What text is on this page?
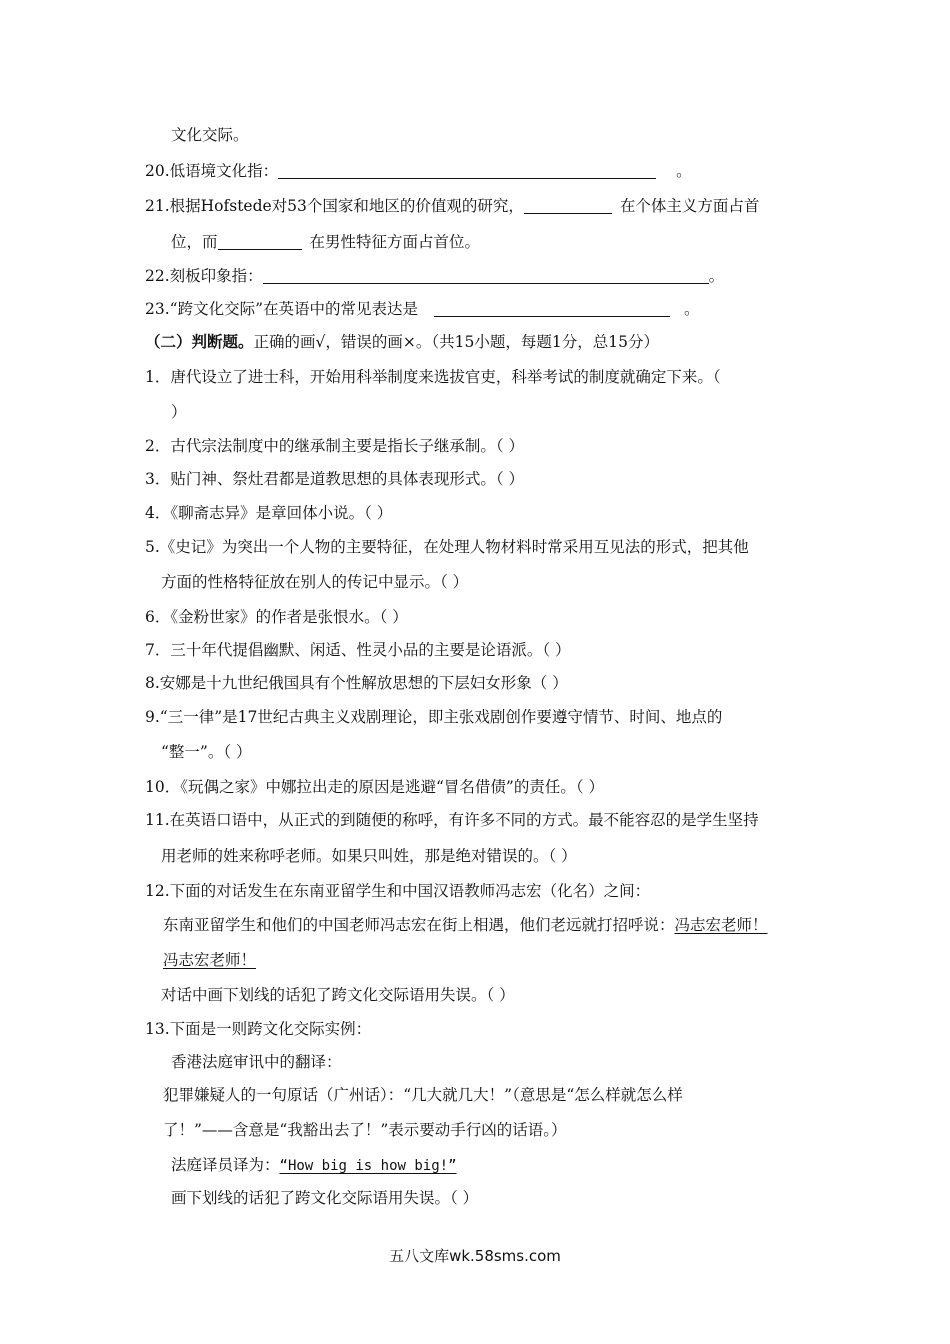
文化交际。
20.低语境文化指：	。
21.根据Hofstede对53个国家和地区的价值观的研究，	在个体主义方面占首
位，而	在男性特征方面占首位。
22.刻板印象指：	。
23.“跨文化交际”在英语中的常见表达是	。
（二）判断题。正确的画√，错误的画×。（共15小题，每题1分，总15分）
1．唐代设立了进士科，开始用科举制度来选拔官吏，科举考试的制度就确定下来。（
）
2．古代宗法制度中的继承制主要是指长子继承制。（ ）
3．贴门神、祭灶君都是道教思想的具体表现形式。（ ）
4．《聊斋志异》是章回体小说。（ ）
5.《史记》为突出一个人物的主要特征，在处理人物材料时常采用互见法的形式，把其他
方面的性格特征放在别人的传记中显示。（ ）
6．《金粉世家》的作者是张恨水。（ ）
7．三十年代提倡幽默、闲适、性灵小品的主要是论语派。（ ）
8.安娜是十九世纪俄国具有个性解放思想的下层妇女形象（ ）
9.“三一律”是17世纪古典主义戏剧理论，即主张戏剧创作要遵守情节、时间、地点的
“整一”。（ ）
10．《玩偶之家》中娜拉出走的原因是逃避“冒名借债”的责任。（ ）
11.在英语口语中，从正式的到随便的称呼，有许多不同的方式。最不能容忍的是学生坚持
用老师的姓来称呼老师。如果只叫姓，那是绝对错误的。（ ）
12.下面的对话发生在东南亚留学生和中国汉语教师冯志宏（化名）之间：
东南亚留学生和他们的中国老师冯志宏在街上相遇，他们老远就打招呼说：冯志宏老师！
冯志宏老师！
对话中画下划线的话犯了跨文化交际语用失误。（ ）
13.下面是一则跨文化交际实例：
香港法庭审讯中的翻译：
犯罪嫌疑人的一句原话（广州话）：“几大就几大！”（意思是“怎么样就怎么样
了！”——含意是“我豁出去了！”表示要动手行凶的话语。）
法庭译员译为：“How big is how big!”
画下划线的话犯了跨文化交际语用失误。（ ）
五八文库wk.58sms.com
